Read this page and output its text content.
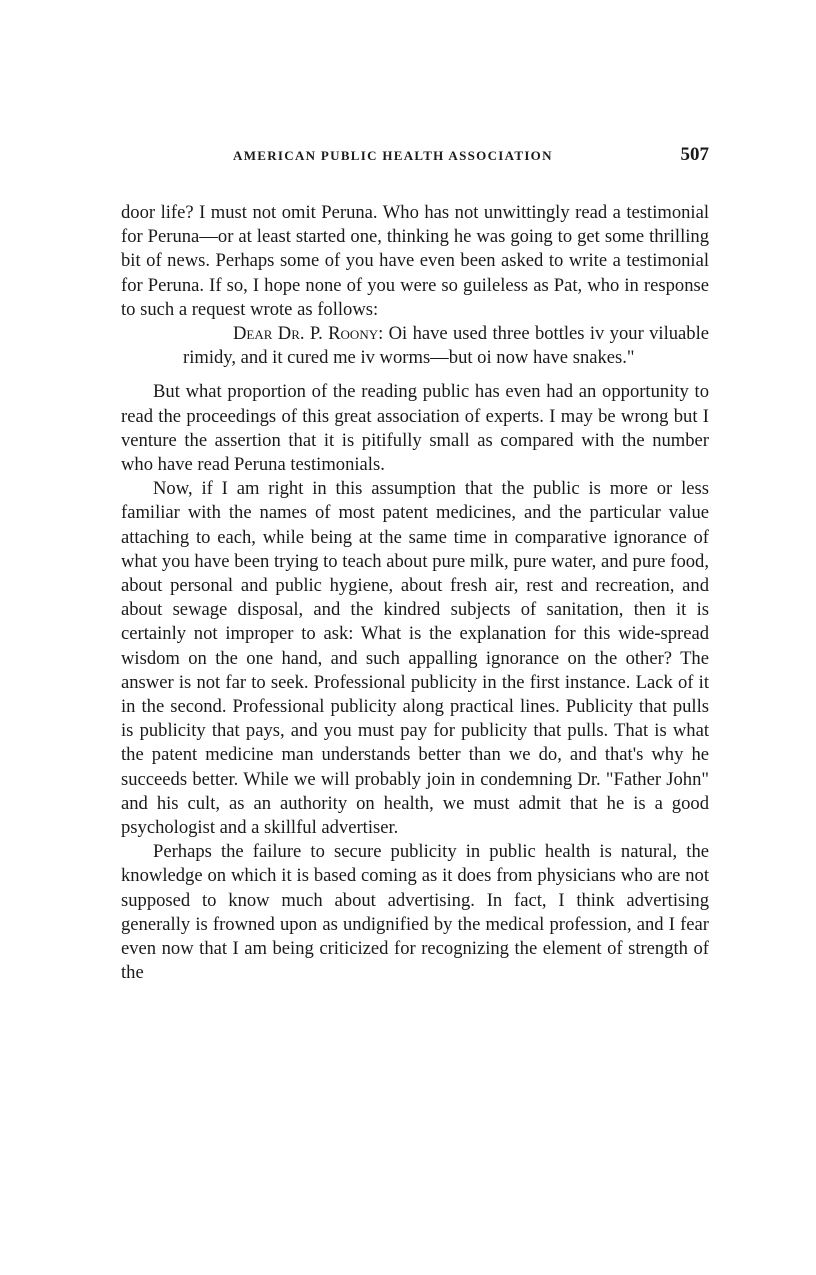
AMERICAN PUBLIC HEALTH ASSOCIATION	507

door life? I must not omit Peruna. Who has not unwittingly read a testimonial for Peruna—or at least started one, thinking he was going to get some thrilling bit of news. Perhaps some of you have even been asked to write a testimonial for Peruna. If so, I hope none of you were so guileless as Pat, who in response to such a request wrote as follows:

Dear Dr. P. Roony: Oi have used three bottles iv your viluable rimidy, and it cured me iv worms—but oi now have snakes."

But what proportion of the reading public has even had an opportunity to read the proceedings of this great association of experts. I may be wrong but I venture the assertion that it is pitifully small as compared with the number who have read Peruna testimonials.

Now, if I am right in this assumption that the public is more or less familiar with the names of most patent medicines, and the particular value attaching to each, while being at the same time in comparative ignorance of what you have been trying to teach about pure milk, pure water, and pure food, about personal and public hygiene, about fresh air, rest and recreation, and about sewage disposal, and the kindred subjects of sanitation, then it is certainly not improper to ask: What is the explanation for this wide-spread wisdom on the one hand, and such appalling ignorance on the other? The answer is not far to seek. Professional publicity in the first instance. Lack of it in the second. Professional publicity along practical lines. Publicity that pulls is publicity that pays, and you must pay for publicity that pulls. That is what the patent medicine man understands better than we do, and that's why he succeeds better. While we will probably join in condemning Dr. "Father John" and his cult, as an authority on health, we must admit that he is a good psychologist and a skillful advertiser.

Perhaps the failure to secure publicity in public health is natural, the knowledge on which it is based coming as it does from physicians who are not supposed to know much about advertising. In fact, I think advertising generally is frowned upon as undignified by the medical profession, and I fear even now that I am being criticized for recognizing the element of strength of the
